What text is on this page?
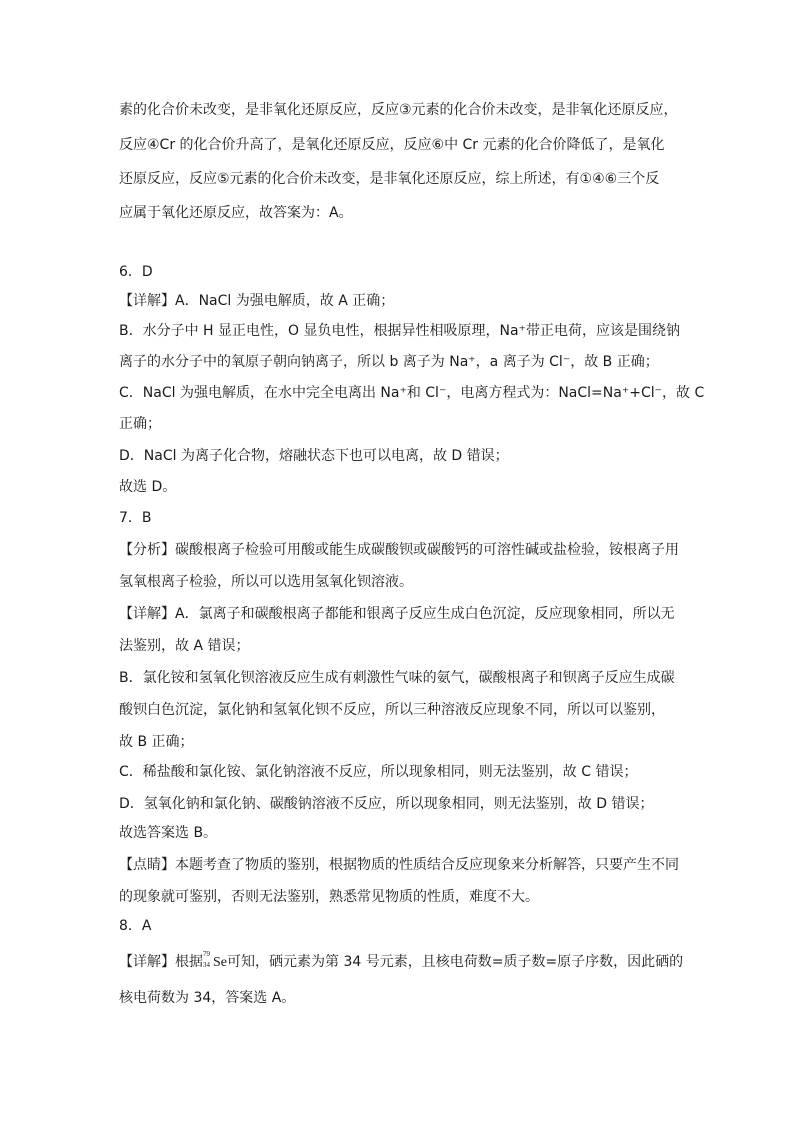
素的化合价未改变，是非氧化还原反应，反应③元素的化合价未改变，是非氧化还原反应，
反应④Cr 的化合价升高了，是氧化还原反应，反应⑥中 Cr 元素的化合价降低了，是氧化
还原反应，反应⑤元素的化合价未改变，是非氧化还原反应，综上所述，有①④⑥三个反
应属于氧化还原反应，故答案为：A。
6．D
【详解】A．NaCl 为强电解质，故 A 正确；
B．水分子中 H 显正电性，O 显负电性，根据异性相吸原理，Na⁺带正电荷，应该是围绕钠
离子的水分子中的氧原子朝向钠离子，所以 b 离子为 Na⁺，a 离子为 Cl⁻，故 B 正确；
C．NaCl 为强电解质，在水中完全电离出 Na⁺和 Cl⁻，电离方程式为：NaCl=Na⁺+Cl⁻，故 C
正确；
D．NaCl 为离子化合物，熔融状态下也可以电离，故 D 错误；
故选 D。
7．B
【分析】碳酸根离子检验可用酸或能生成碳酸钡或碳酸钙的可溶性碱或盐检验，铵根离子用
氢氧根离子检验，所以可以选用氢氧化钡溶液。
【详解】A．氯离子和碳酸根离子都能和银离子反应生成白色沉淀，反应现象相同，所以无
法鉴别，故 A 错误；
B．氯化铵和氢氧化钡溶液反应生成有刺激性气味的氨气，碳酸根离子和钡离子反应生成碳
酸钡白色沉淀，氯化钠和氢氧化钡不反应，所以三种溶液反应现象不同，所以可以鉴别，
故 B 正确；
C．稀盐酸和氯化铵、氯化钠溶液不反应，所以现象相同，则无法鉴别，故 C 错误；
D．氢氧化钠和氯化钠、碳酸钠溶液不反应，所以现象相同，则无法鉴别，故 D 错误；
故选答案选 B。
【点睛】本题考查了物质的鉴别，根据物质的性质结合反应现象来分析解答，只要产生不同
的现象就可鉴别，否则无法鉴别，熟悉常见物质的性质，难度不大。
8．A
【详解】根据 79
34 Se可知，硒元素为第 34 号元素，且核电荷数=质子数=原子序数，因此硒的
核电荷数为 34，答案选 A。
